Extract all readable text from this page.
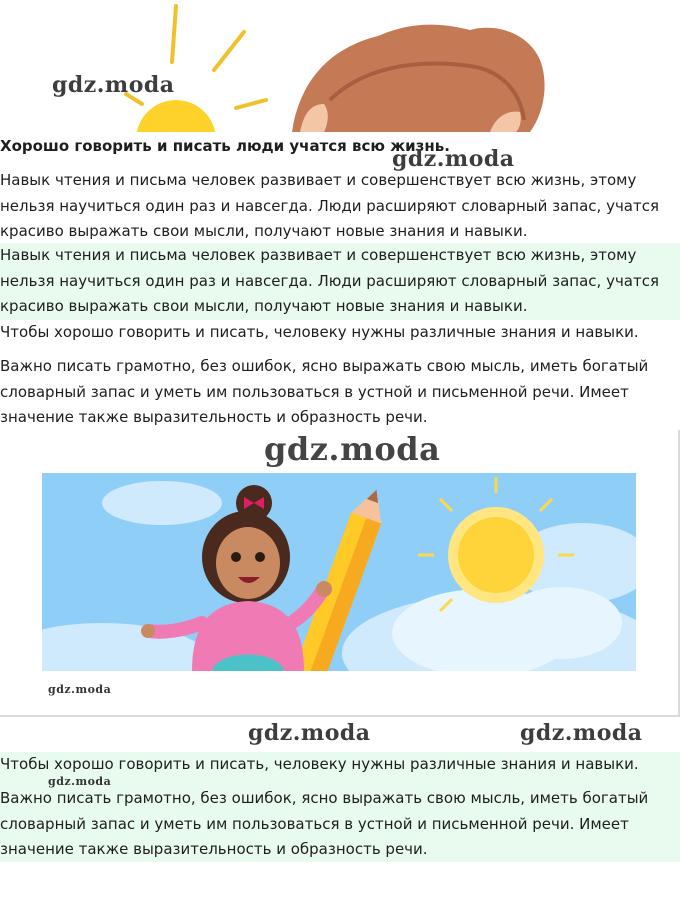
gdz.moda

Хорошо говорить и писать люди учатся всю жизнь.

gdz.moda

Навык чтения и письма человек развивает и совершенствует всю жизнь, этому нельзя научиться один раз и навсегда. Люди расширяют словарный запас, учатся красиво выражать свои мысли, получают новые знания и навыки.

Навык чтения и письма человек развивает и совершенствует всю жизнь, этому нельзя научиться один раз и навсегда. Люди расширяют словарный запас, учатся красиво выражать свои мысли, получают новые знания и навыки.

Чтобы хорошо говорить и писать, человеку нужны различные знания и навыки.

Важно писать грамотно, без ошибок, ясно выражать свою мысль, иметь богатый словарный запас и уметь им пользоваться в устной и письменной речи. Имеет значение также выразительность и образность речи.

gdz.moda
gdz.moda
gdz.moda	gdz.moda

Чтобы хорошо говорить и писать, человеку нужны различные знания и навыки.

gdz.moda

Важно писать грамотно, без ошибок, ясно выражать свою мысль, иметь богатый словарный запас и уметь им пользоваться в устной и письменной речи. Имеет значение также выразительность и образность речи.
